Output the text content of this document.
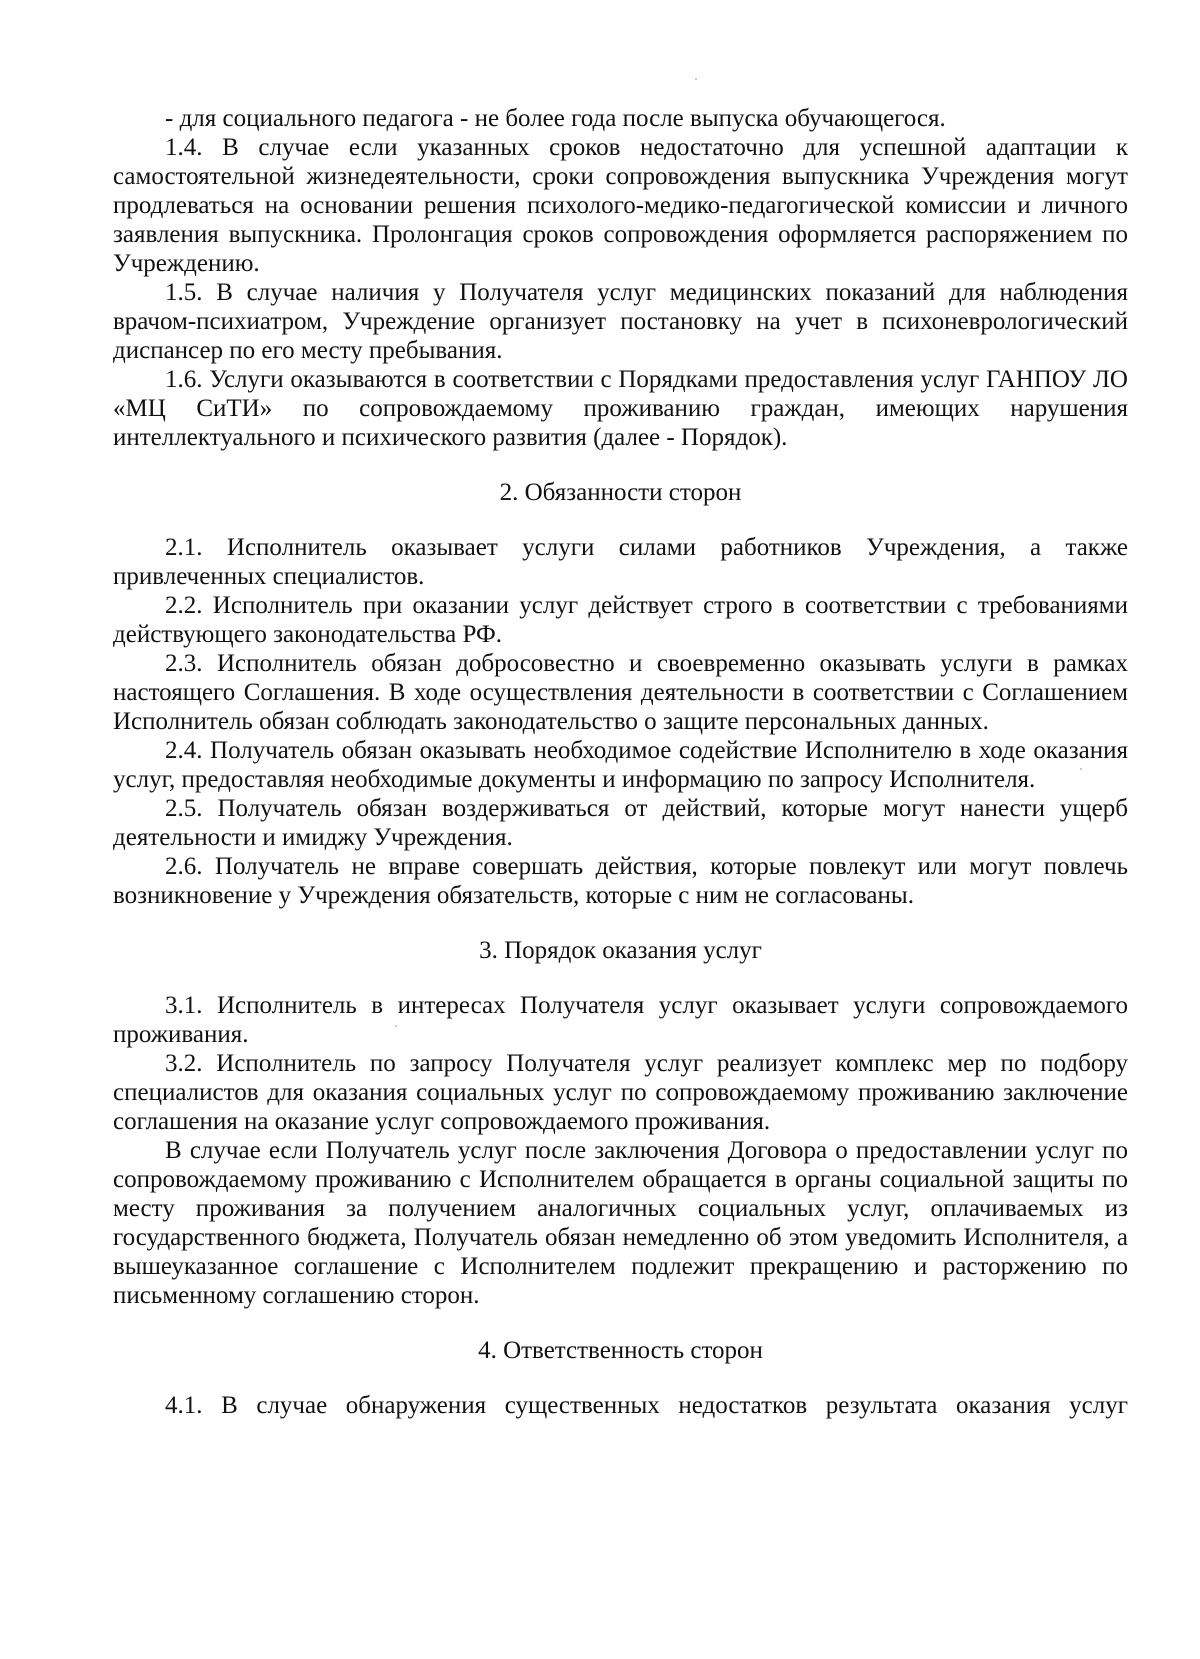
- для социального педагога - не более года после выпуска обучающегося.

1.4. В случае если указанных сроков недостаточно для успешной адаптации к самостоятельной жизнедеятельности, сроки сопровождения выпускника Учреждения могут продлеваться на основании решения психолого-медико-педагогической комиссии и личного заявления выпускника. Пролонгация сроков сопровождения оформляется распоряжением по Учреждению.

1.5. В случае наличия у Получателя услуг медицинских показаний для наблюдения врачом-психиатром, Учреждение организует постановку на учет в психоневрологический диспансер по его месту пребывания.

1.6. Услуги оказываются в соответствии с Порядками предоставления услуг ГАНПОУ ЛО «МЦ СиТИ» по сопровождаемому проживанию граждан, имеющих нарушения интеллектуального и психического развития (далее - Порядок).

2. Обязанности сторон

2.1. Исполнитель оказывает услуги силами работников Учреждения, а также привлеченных специалистов.

2.2. Исполнитель при оказании услуг действует строго в соответствии с требованиями действующего законодательства РФ.

2.3. Исполнитель обязан добросовестно и своевременно оказывать услуги в рамках настоящего Соглашения. В ходе осуществления деятельности в соответствии с Соглашением Исполнитель обязан соблюдать законодательство о защите персональных данных.

2.4. Получатель обязан оказывать необходимое содействие Исполнителю в ходе оказания услуг, предоставляя необходимые документы и информацию по запросу Исполнителя.

2.5. Получатель обязан воздерживаться от действий, которые могут нанести ущерб деятельности и имиджу Учреждения.

2.6. Получатель не вправе совершать действия, которые повлекут или могут повлечь возникновение у Учреждения обязательств, которые с ним не согласованы.

3. Порядок оказания услуг

3.1. Исполнитель в интересах Получателя услуг оказывает услуги сопровождаемого проживания.

3.2. Исполнитель по запросу Получателя услуг реализует комплекс мер по подбору специалистов для оказания социальных услуг по сопровождаемому проживанию заключение соглашения на оказание услуг сопровождаемого проживания.

В случае если Получатель услуг после заключения Договора о предоставлении услуг по сопровождаемому проживанию с Исполнителем обращается в органы социальной защиты по месту проживания за получением аналогичных социальных услуг, оплачиваемых из государственного бюджета, Получатель обязан немедленно об этом уведомить Исполнителя, а вышеуказанное соглашение с Исполнителем подлежит прекращению и расторжению по письменному соглашению сторон.

4. Ответственность сторон

4.1. В случае обнаружения существенных недостатков результата оказания услуг
